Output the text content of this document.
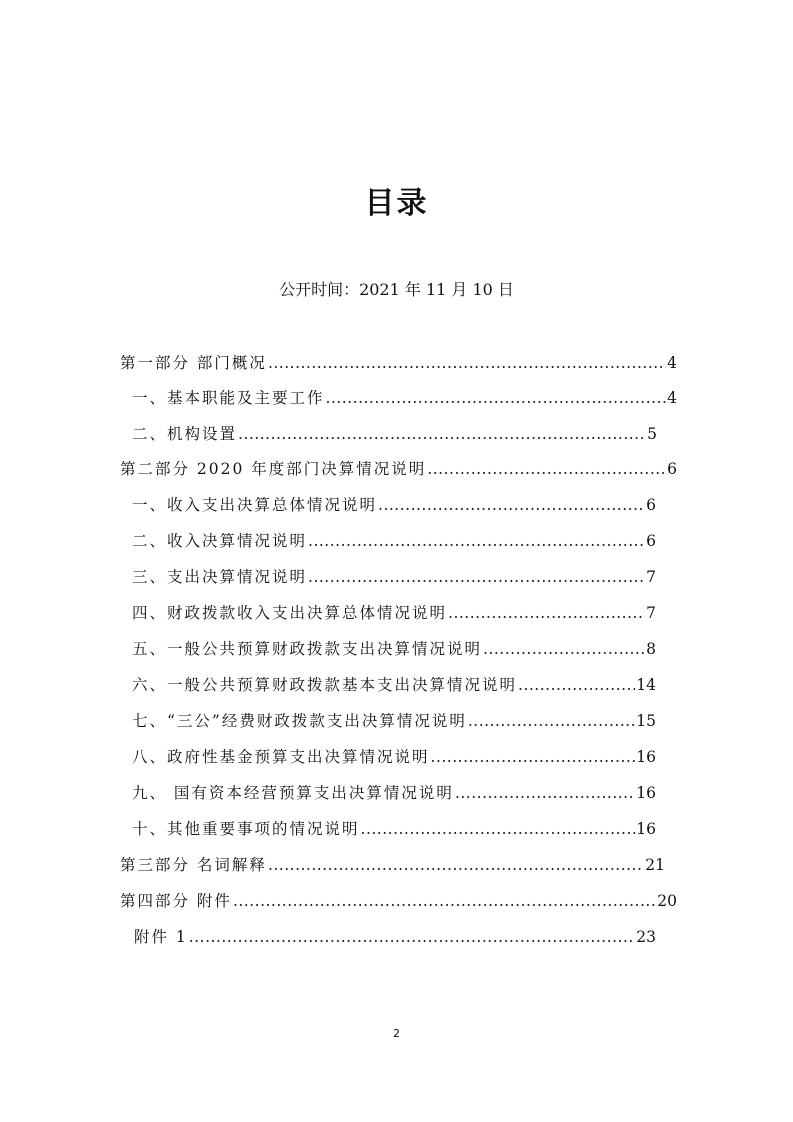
目录
公开时间：2021 年 11 月 10 日
第一部分 部门概况 .....	4
一、基本职能及主要工作 .....	4
二、机构设置 .....	5
第二部分 2020 年度部门决算情况说明 .....	6
一、收入支出决算总体情况说明 .....	6
二、收入决算情况说明 .....	6
三、支出决算情况说明 .....	7
四、财政拨款收入支出决算总体情况说明 .....	7
五、一般公共预算财政拨款支出决算情况说明 .....	8
六、一般公共预算财政拨款基本支出决算情况说明 .....	14
七、“三公”经费财政拨款支出决算情况说明 .....	15
八、政府性基金预算支出决算情况说明 .....	16
九、 国有资本经营预算支出决算情况说明 .....	16
十、其他重要事项的情况说明 .....	16
第三部分 名词解释 .....	21
第四部分 附件 .....	20
附件 1 .....	23
2
